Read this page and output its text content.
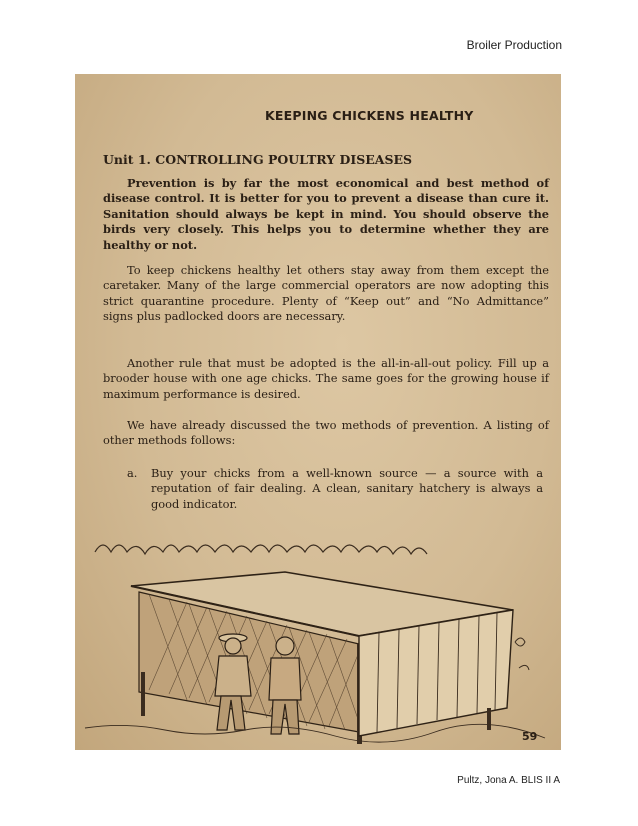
Broiler Production
KEEPING CHICKENS HEALTHY
Unit 1. CONTROLLING POULTRY DISEASES

Prevention is by far the most economical and best method of disease control. It is better for you to prevent a disease than cure it. Sanitation should always be kept in mind. You should observe the birds very closely. This helps you to determine whether they are healthy or not.

To keep chickens healthy let others stay away from them except the caretaker. Many of the large commercial operators are now adopting this strict quarantine procedure. Plenty of “Keep out” and “No Admittance” signs plus padlocked doors are necessary.

Another rule that must be adopted is the all-in-all-out policy. Fill up a brooder house with one age chicks. The same goes for the growing house if maximum performance is desired.

We have already discussed the two methods of prevention. A listing of other methods follows:

a. Buy your chicks from a well-known source — a source with a reputation of fair dealing. A clean, sanitary hatchery is always a good indicator.
59
Pultz, Jona A. BLIS II A
